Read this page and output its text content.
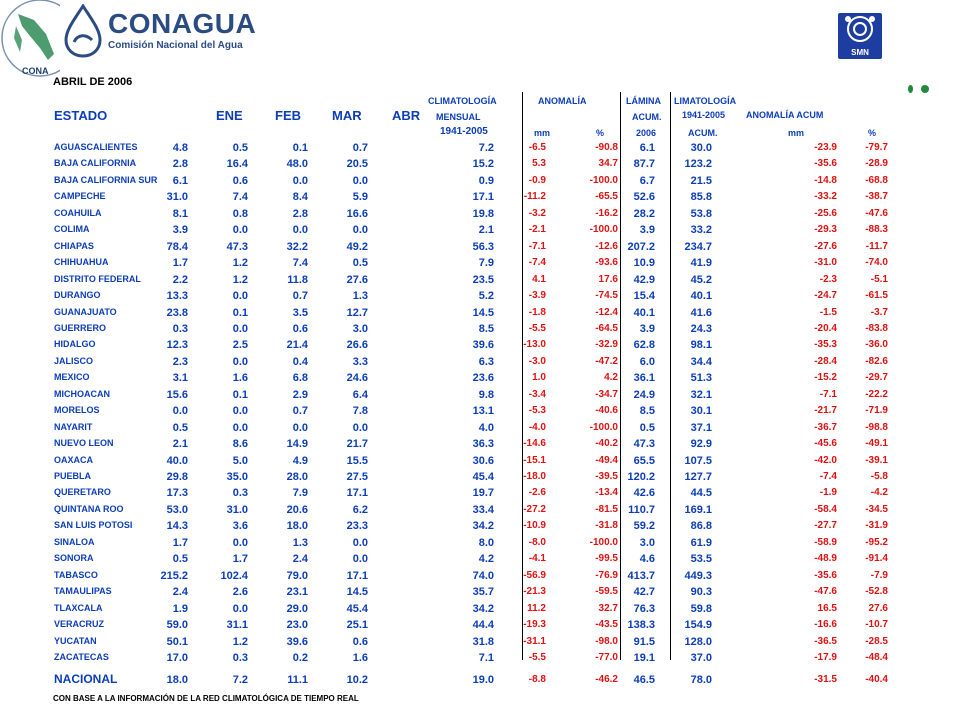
CONA
CONAGUA
Comisión Nacional del Agua
SMN

ABRIL DE 2006
ESTADO	ENE FEB MAR ABR
CLIMATOLOGÍA
MENSUAL
1941-2005
ANOMALÍA
mm	%
LÁMINA
ACUM.
2006
LIMATOLOGÍA
1941-2005
ACUM.
ANOMALÍA ACUM
mm	%
AGUASCALIENTES	4.8	0.5	0.1	0.7	7.2	-6.5	-90.8	6.1	30.0	-23.9	-79.7
BAJA CALIFORNIA	2.8	16.4	48.0	20.5	15.2	5.3	34.7	87.7	123.2	-35.6	-28.9
BAJA CALIFORNIA SUR	6.1	0.6	0.0	0.0	0.9	-0.9	-100.0	6.7	21.5	-14.8	-68.8
CAMPECHE	31.0	7.4	8.4	5.9	17.1	-11.2	-65.5	52.6	85.8	-33.2	-38.7
COAHUILA	8.1	0.8	2.8	16.6	19.8	-3.2	-16.2	28.2	53.8	-25.6	-47.6
COLIMA	3.9	0.0	0.0	0.0	2.1	-2.1	-100.0	3.9	33.2	-29.3	-88.3
CHIAPAS	78.4	47.3	32.2	49.2	56.3	-7.1	-12.6 207.2	234.7	-27.6	-11.7
CHIHUAHUA	1.7	1.2	7.4	0.5	7.9	-7.4	-93.6	10.9	41.9	-31.0	-74.0
DISTRITO FEDERAL	2.2	1.2	11.8	27.6	23.5	4.1	17.6	42.9	45.2	-2.3	-5.1
DURANGO	13.3	0.0	0.7	1.3	5.2	-3.9	-74.5	15.4	40.1	-24.7	-61.5
GUANAJUATO	23.8	0.1	3.5	12.7	14.5	-1.8	-12.4	40.1	41.6	-1.5	-3.7
GUERRERO	0.3	0.0	0.6	3.0	8.5	-5.5	-64.5	3.9	24.3	-20.4	-83.8
HIDALGO	12.3	2.5	21.4	26.6	39.6	-13.0	-32.9	62.8	98.1	-35.3	-36.0
JALISCO	2.3	0.0	0.4	3.3	6.3	-3.0	-47.2	6.0	34.4	-28.4	-82.6
MEXICO	3.1	1.6	6.8	24.6	23.6	1.0	4.2	36.1	51.3	-15.2	-29.7
MICHOACAN	15.6	0.1	2.9	6.4	9.8	-3.4	-34.7	24.9	32.1	-7.1	-22.2
MORELOS	0.0	0.0	0.7	7.8	13.1	-5.3	-40.6	8.5	30.1	-21.7	-71.9
NAYARIT	0.5	0.0	0.0	0.0	4.0	-4.0	-100.0	0.5	37.1	-36.7	-98.8
NUEVO LEON	2.1	8.6	14.9	21.7	36.3	-14.6	-40.2	47.3	92.9	-45.6	-49.1
OAXACA	40.0	5.0	4.9	15.5	30.6	-15.1	-49.4	65.5	107.5	-42.0	-39.1
PUEBLA	29.8	35.0	28.0	27.5	45.4	-18.0	-39.5 120.2	127.7	-7.4	-5.8
QUERETARO	17.3	0.3	7.9	17.1	19.7	-2.6	-13.4	42.6	44.5	-1.9	-4.2
QUINTANA ROO	53.0	31.0	20.6	6.2	33.4	-27.2	-81.5 110.7	169.1	-58.4	-34.5
SAN LUIS POTOSI	14.3	3.6	18.0	23.3	34.2	-10.9	-31.8	59.2	86.8	-27.7	-31.9
SINALOA	1.7	0.0	1.3	0.0	8.0	-8.0	-100.0	3.0	61.9	-58.9	-95.2
SONORA	0.5	1.7	2.4	0.0	4.2	-4.1	-99.5	4.6	53.5	-48.9	-91.4
TABASCO	215.2	102.4	79.0	17.1	74.0	-56.9	-76.9 413.7	449.3	-35.6	-7.9
TAMAULIPAS	2.4	2.6	23.1	14.5	35.7	-21.3	-59.5	42.7	90.3	-47.6	-52.8
TLAXCALA	1.9	0.0	29.0	45.4	34.2	11.2	32.7	76.3	59.8	16.5	27.6
VERACRUZ	59.0	31.1	23.0	25.1	44.4	-19.3	-43.5 138.3	154.9	-16.6	-10.7
YUCATAN	50.1	1.2	39.6	0.6	31.8	-31.1	-98.0	91.5	128.0	-36.5	-28.5
ZACATECAS	17.0	0.3	0.2	1.6	7.1	-5.5	-77.0	19.1	37.0	-17.9	-48.4
NACIONAL	18.0	7.2	11.1	10.2	19.0	-8.8	-46.2	46.5	78.0	-31.5	-40.4
CON BASE A LA INFORMACIÓN DE LA RED CLIMATOLÓGICA DE TIEMPO REAL
